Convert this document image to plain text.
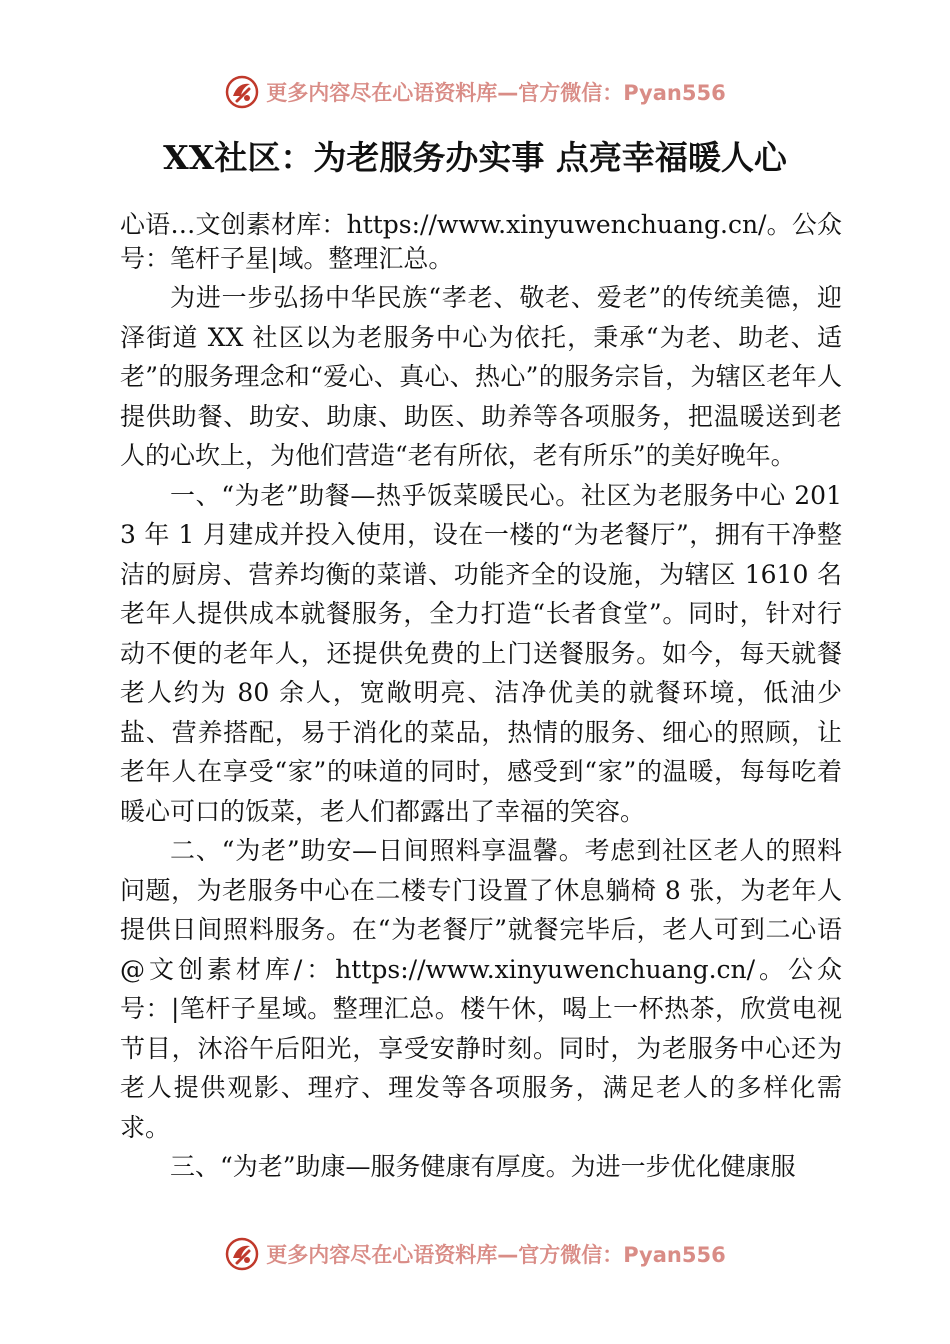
更多内容尽在心语资料库—官方微信：Pyan556
XX社区：为老服务办实事 点亮幸福暖人心

心语…文创素材库：https://www.xinyuwenchuang.cn/。公众号：笔杆子星|域。整理汇总。

为进一步弘扬中华民族“孝老、敬老、爱老”的传统美德，迎泽街道 XX 社区以为老服务中心为依托，秉承“为老、助老、适老”的服务理念和“爱心、真心、热心”的服务宗旨，为辖区老年人提供助餐、助安、助康、助医、助养等各项服务，把温暖送到老人的心坎上，为他们营造“老有所依，老有所乐”的美好晚年。

一、“为老”助餐—热乎饭菜暖民心。社区为老服务中心 2013 年 1 月建成并投入使用，设在一楼的“为老餐厅”，拥有干净整洁的厨房、营养均衡的菜谱、功能齐全的设施，为辖区 1610 名老年人提供成本就餐服务，全力打造“长者食堂”。同时，针对行动不便的老年人，还提供免费的上门送餐服务。如今，每天就餐老人约为 80 余人，宽敞明亮、洁净优美的就餐环境，低油少盐、营养搭配，易于消化的菜品，热情的服务、细心的照顾，让老年人在享受“家”的味道的同时，感受到“家”的温暖，每每吃着暖心可口的饭菜，老人们都露出了幸福的笑容。

二、“为老”助安—日间照料享温馨。考虑到社区老人的照料问题，为老服务中心在二楼专门设置了休息躺椅 8 张，为老年人提供日间照料服务。在“为老餐厅”就餐完毕后，老人可到二心语@文创素材库/：https://www.xinyuwenchuang.cn/。公众号：|笔杆子星域。整理汇总。楼午休，喝上一杯热茶，欣赏电视节目，沐浴午后阳光，享受安静时刻。同时，为老服务中心还为老人提供观影、理疗、理发等各项服务，满足老人的多样化需求。

三、“为老”助康—服务健康有厚度。为进一步优化健康服

更多内容尽在心语资料库—官方微信：Pyan556
